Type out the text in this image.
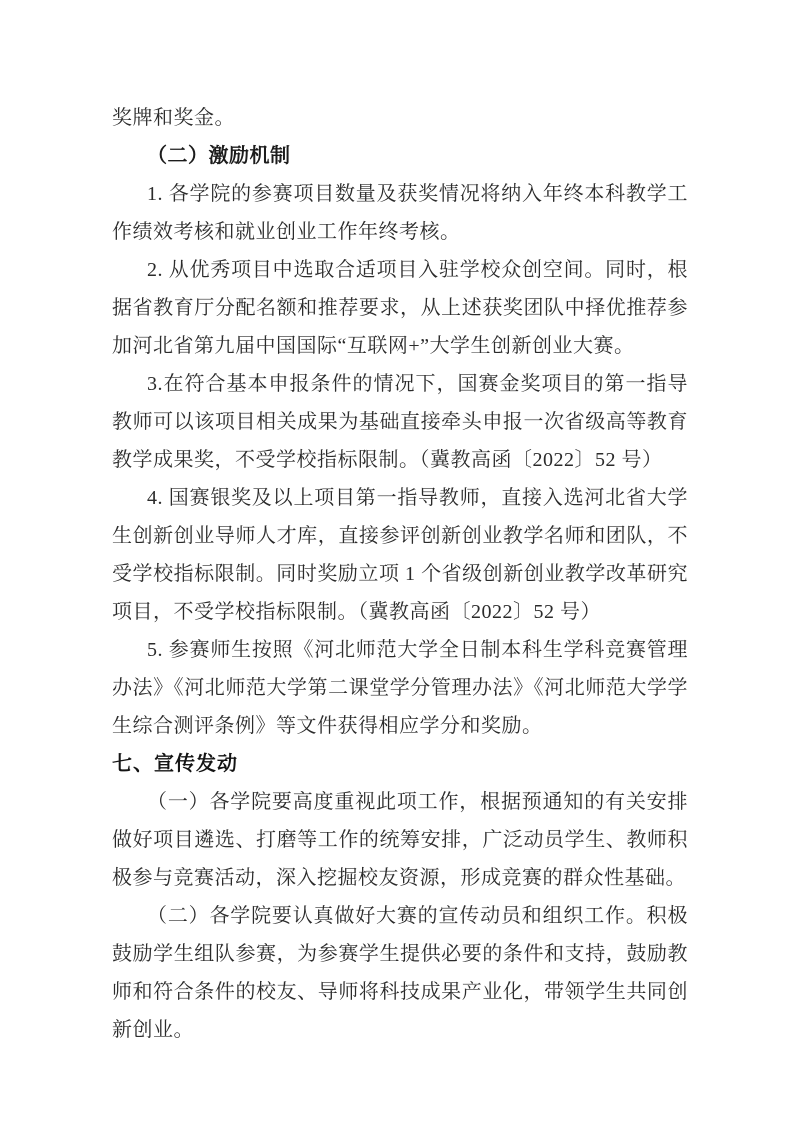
奖牌和奖金。

（二）激励机制

1. 各学院的参赛项目数量及获奖情况将纳入年终本科教学工作绩效考核和就业创业工作年终考核。

2. 从优秀项目中选取合适项目入驻学校众创空间。同时，根据省教育厅分配名额和推荐要求，从上述获奖团队中择优推荐参加河北省第九届中国国际“互联网+”大学生创新创业大赛。

3.在符合基本申报条件的情况下，国赛金奖项目的第一指导教师可以该项目相关成果为基础直接牵头申报一次省级高等教育教学成果奖，不受学校指标限制。（冀教高函〔2022〕52 号）

4. 国赛银奖及以上项目第一指导教师，直接入选河北省大学生创新创业导师人才库，直接参评创新创业教学名师和团队，不受学校指标限制。同时奖励立项 1 个省级创新创业教学改革研究项目，不受学校指标限制。（冀教高函〔2022〕52 号）

5. 参赛师生按照《河北师范大学全日制本科生学科竞赛管理办法》《河北师范大学第二课堂学分管理办法》《河北师范大学学生综合测评条例》等文件获得相应学分和奖励。

七、宣传发动

（一）各学院要高度重视此项工作，根据预通知的有关安排做好项目遴选、打磨等工作的统筹安排，广泛动员学生、教师积极参与竞赛活动，深入挖掘校友资源，形成竞赛的群众性基础。

（二）各学院要认真做好大赛的宣传动员和组织工作。积极鼓励学生组队参赛，为参赛学生提供必要的条件和支持，鼓励教师和符合条件的校友、导师将科技成果产业化，带领学生共同创新创业。
